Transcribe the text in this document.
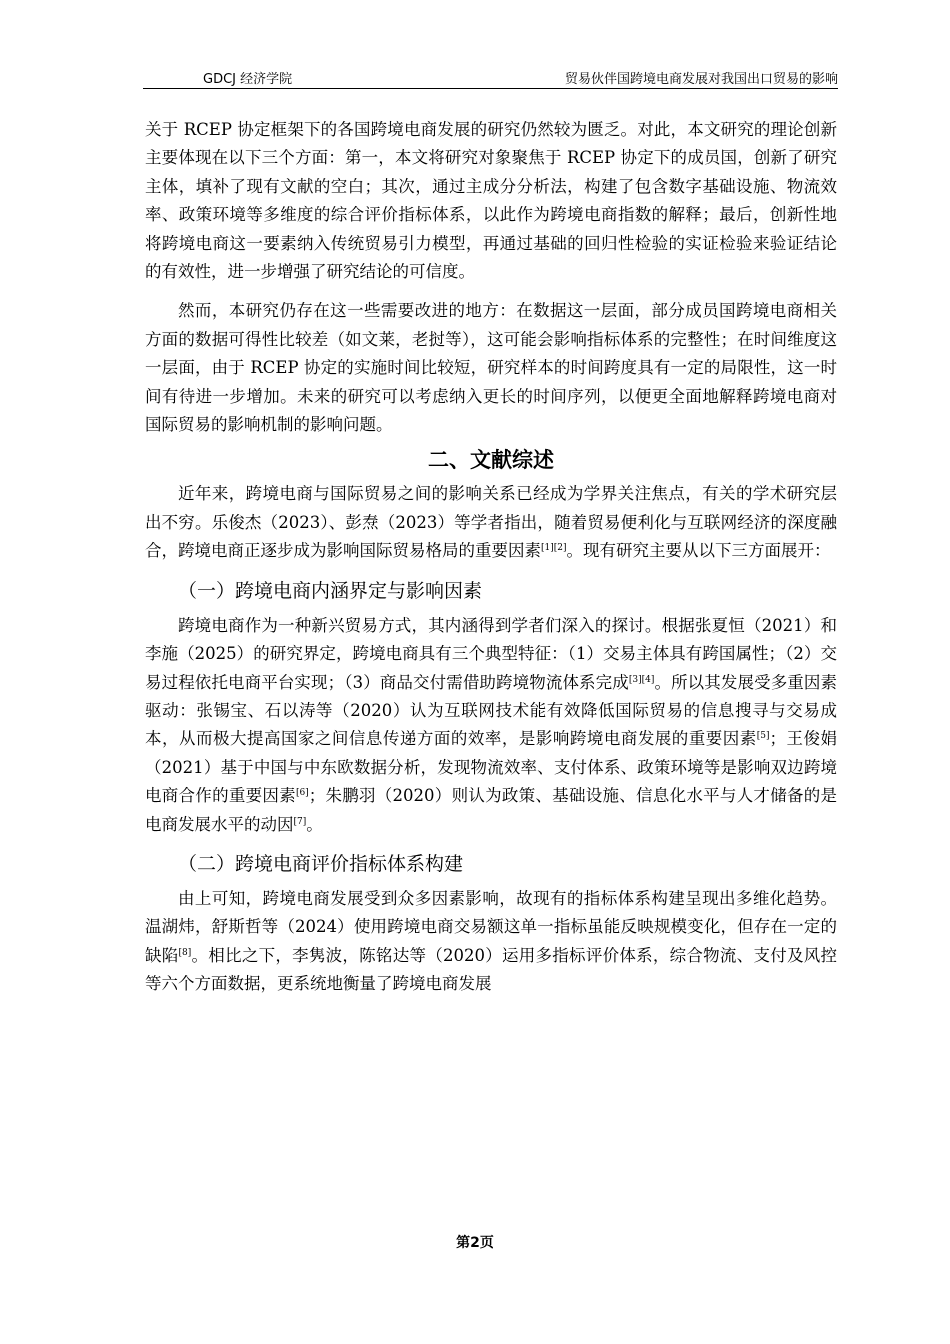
GDCJ 经济学院	贸易伙伴国跨境电商发展对我国出口贸易的影响

关于 RCEP 协定框架下的各国跨境电商发展的研究仍然较为匮乏。对此，本文研究的理论创新主要体现在以下三个方面：第一，本文将研究对象聚焦于 RCEP 协定下的成员国，创新了研究主体，填补了现有文献的空白；其次，通过主成分分析法，构建了包含数字基础设施、物流效率、政策环境等多维度的综合评价指标体系，以此作为跨境电商指数的解释；最后，创新性地将跨境电商这一要素纳入传统贸易引力模型，再通过基础的回归性检验的实证检验来验证结论的有效性，进一步增强了研究结论的可信度。

然而，本研究仍存在这一些需要改进的地方：在数据这一层面，部分成员国跨境电商相关方面的数据可得性比较差（如文莱，老挝等），这可能会影响指标体系的完整性；在时间维度这一层面，由于 RCEP 协定的实施时间比较短，研究样本的时间跨度具有一定的局限性，这一时间有待进一步增加。未来的研究可以考虑纳入更长的时间序列，以便更全面地解释跨境电商对国际贸易的影响机制的影响问题。

二、文献综述

近年来，跨境电商与国际贸易之间的影响关系已经成为学界关注焦点，有关的学术研究层出不穷。乐俊杰（2023）、彭焘（2023）等学者指出，随着贸易便利化与互联网经济的深度融合，跨境电商正逐步成为影响国际贸易格局的重要因素[1][2]。现有研究主要从以下三方面展开：

（一）跨境电商内涵界定与影响因素

跨境电商作为一种新兴贸易方式，其内涵得到学者们深入的探讨。根据张夏恒（2021）和李施（2025）的研究界定，跨境电商具有三个典型特征：（1）交易主体具有跨国属性；（2）交易过程依托电商平台实现；（3）商品交付需借助跨境物流体系完成[3][4]。所以其发展受多重因素驱动：张锡宝、石以涛等（2020）认为互联网技术能有效降低国际贸易的信息搜寻与交易成本，从而极大提高国家之间信息传递方面的效率，是影响跨境电商发展的重要因素[5]；王俊娟（2021）基于中国与中东欧数据分析，发现物流效率、支付体系、政策环境等是影响双边跨境电商合作的重要因素[6]；朱鹏羽（2020）则认为政策、基础设施、信息化水平与人才储备的是电商发展水平的动因[7]。

（二）跨境电商评价指标体系构建

由上可知，跨境电商发展受到众多因素影响，故现有的指标体系构建呈现出多维化趋势。温湖炜，舒斯哲等（2024）使用跨境电商交易额这单一指标虽能反映规模变化，但存在一定的缺陷[8]。相比之下，李隽波，陈铭达等（2020）运用多指标评价体系，综合物流、支付及风控等六个方面数据，更系统地衡量了跨境电商发展

第2页
